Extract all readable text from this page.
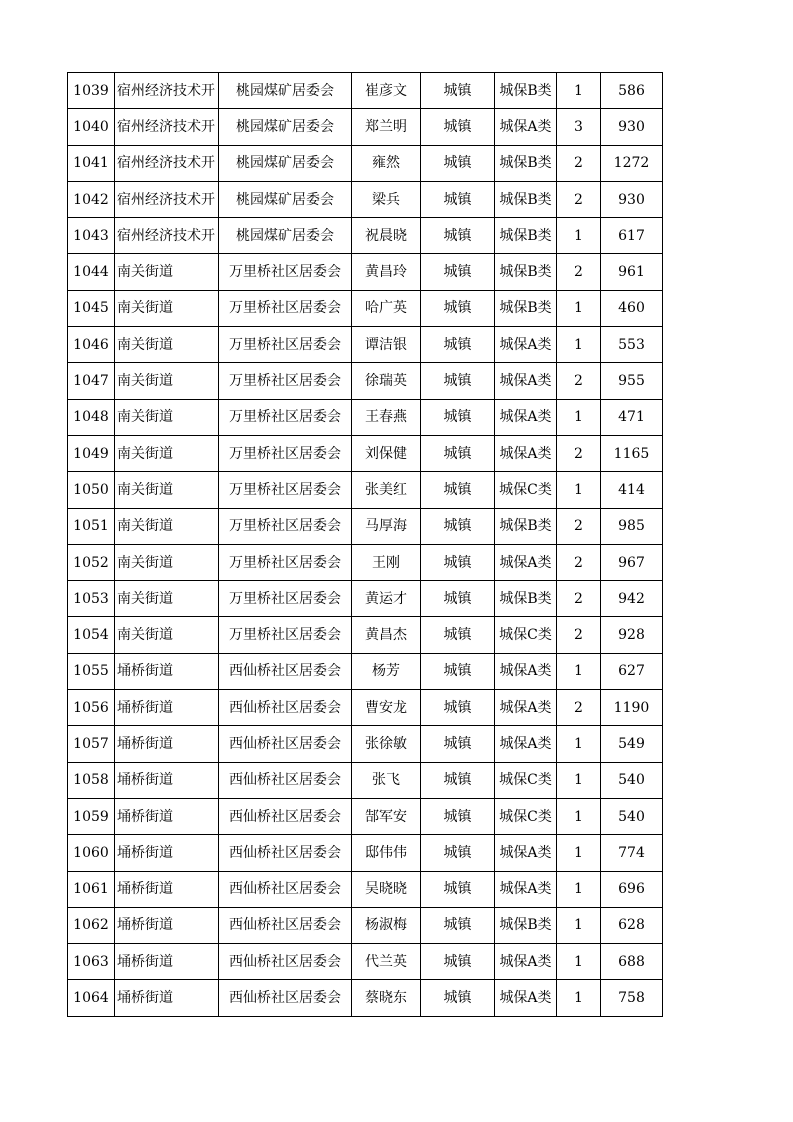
1039	宿州经济技术开	桃园煤矿居委会	崔彦文	城镇	城保B类	1	586
1040	宿州经济技术开	桃园煤矿居委会	郑兰明	城镇	城保A类	3	930
1041	宿州经济技术开	桃园煤矿居委会	雍然	城镇	城保B类	2	1272
1042	宿州经济技术开	桃园煤矿居委会	梁兵	城镇	城保B类	2	930
1043	宿州经济技术开	桃园煤矿居委会	祝晨晓	城镇	城保B类	1	617
1044	南关街道	万里桥社区居委会	黄昌玲	城镇	城保B类	2	961
1045	南关街道	万里桥社区居委会	哈广英	城镇	城保B类	1	460
1046	南关街道	万里桥社区居委会	谭洁银	城镇	城保A类	1	553
1047	南关街道	万里桥社区居委会	徐瑞英	城镇	城保A类	2	955
1048	南关街道	万里桥社区居委会	王春燕	城镇	城保A类	1	471
1049	南关街道	万里桥社区居委会	刘保健	城镇	城保A类	2	1165
1050	南关街道	万里桥社区居委会	张美红	城镇	城保C类	1	414
1051	南关街道	万里桥社区居委会	马厚海	城镇	城保B类	2	985
1052	南关街道	万里桥社区居委会	王刚	城镇	城保A类	2	967
1053	南关街道	万里桥社区居委会	黄运才	城镇	城保B类	2	942
1054	南关街道	万里桥社区居委会	黄昌杰	城镇	城保C类	2	928
1055	埇桥街道	西仙桥社区居委会	杨芳	城镇	城保A类	1	627
1056	埇桥街道	西仙桥社区居委会	曹安龙	城镇	城保A类	2	1190
1057	埇桥街道	西仙桥社区居委会	张徐敏	城镇	城保A类	1	549
1058	埇桥街道	西仙桥社区居委会	张飞	城镇	城保C类	1	540
1059	埇桥街道	西仙桥社区居委会	郜军安	城镇	城保C类	1	540
1060	埇桥街道	西仙桥社区居委会	邸伟伟	城镇	城保A类	1	774
1061	埇桥街道	西仙桥社区居委会	吴晓晓	城镇	城保A类	1	696
1062	埇桥街道	西仙桥社区居委会	杨淑梅	城镇	城保B类	1	628
1063	埇桥街道	西仙桥社区居委会	代兰英	城镇	城保A类	1	688
1064	埇桥街道	西仙桥社区居委会	蔡晓东	城镇	城保A类	1	758
